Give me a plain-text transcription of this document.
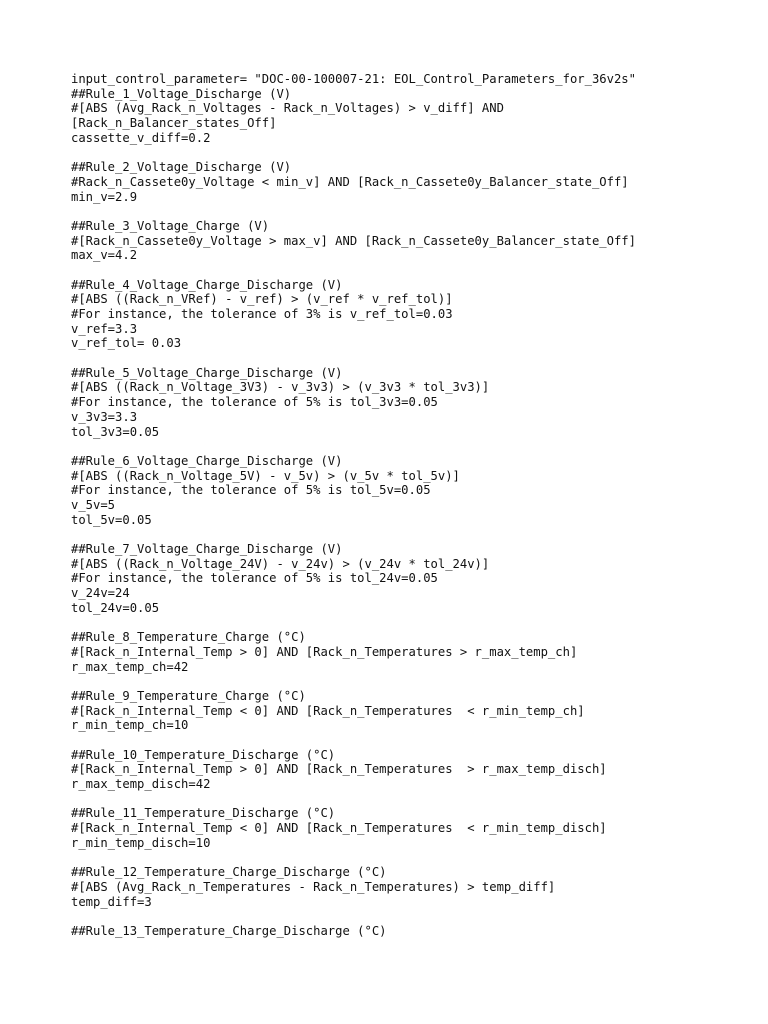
input_control_parameter= "DOC-00-100007-21: EOL_Control_Parameters_for_36v2s"
##Rule_1_Voltage_Discharge (V)
#[ABS (Avg_Rack_n_Voltages - Rack_n_Voltages) > v_diff] AND
[Rack_n_Balancer_states_Off]
cassette_v_diff=0.2
##Rule_2_Voltage_Discharge (V)
#Rack_n_Cassete0y_Voltage < min_v] AND [Rack_n_Cassete0y_Balancer_state_Off]
min_v=2.9
##Rule_3_Voltage_Charge (V)
#[Rack_n_Cassete0y_Voltage > max_v] AND [Rack_n_Cassete0y_Balancer_state_Off]
max_v=4.2
##Rule_4_Voltage_Charge_Discharge (V)
#[ABS ((Rack_n_VRef) - v_ref) > (v_ref * v_ref_tol)]
#For instance, the tolerance of 3% is v_ref_tol=0.03
v_ref=3.3
v_ref_tol= 0.03
##Rule_5_Voltage_Charge_Discharge (V)
#[ABS ((Rack_n_Voltage_3V3) - v_3v3) > (v_3v3 * tol_3v3)]
#For instance, the tolerance of 5% is tol_3v3=0.05
v_3v3=3.3
tol_3v3=0.05
##Rule_6_Voltage_Charge_Discharge (V)
#[ABS ((Rack_n_Voltage_5V) - v_5v) > (v_5v * tol_5v)]
#For instance, the tolerance of 5% is tol_5v=0.05
v_5v=5
tol_5v=0.05
##Rule_7_Voltage_Charge_Discharge (V)
#[ABS ((Rack_n_Voltage_24V) - v_24v) > (v_24v * tol_24v)]
#For instance, the tolerance of 5% is tol_24v=0.05
v_24v=24
tol_24v=0.05
##Rule_8_Temperature_Charge (°C)
#[Rack_n_Internal_Temp > 0] AND [Rack_n_Temperatures > r_max_temp_ch]
r_max_temp_ch=42
##Rule_9_Temperature_Charge (°C)
#[Rack_n_Internal_Temp < 0] AND [Rack_n_Temperatures  < r_min_temp_ch]
r_min_temp_ch=10
##Rule_10_Temperature_Discharge (°C)
#[Rack_n_Internal_Temp > 0] AND [Rack_n_Temperatures  > r_max_temp_disch]
r_max_temp_disch=42
##Rule_11_Temperature_Discharge (°C)
#[Rack_n_Internal_Temp < 0] AND [Rack_n_Temperatures  < r_min_temp_disch]
r_min_temp_disch=10
##Rule_12_Temperature_Charge_Discharge (°C)
#[ABS (Avg_Rack_n_Temperatures - Rack_n_Temperatures) > temp_diff]
temp_diff=3
##Rule_13_Temperature_Charge_Discharge (°C)
